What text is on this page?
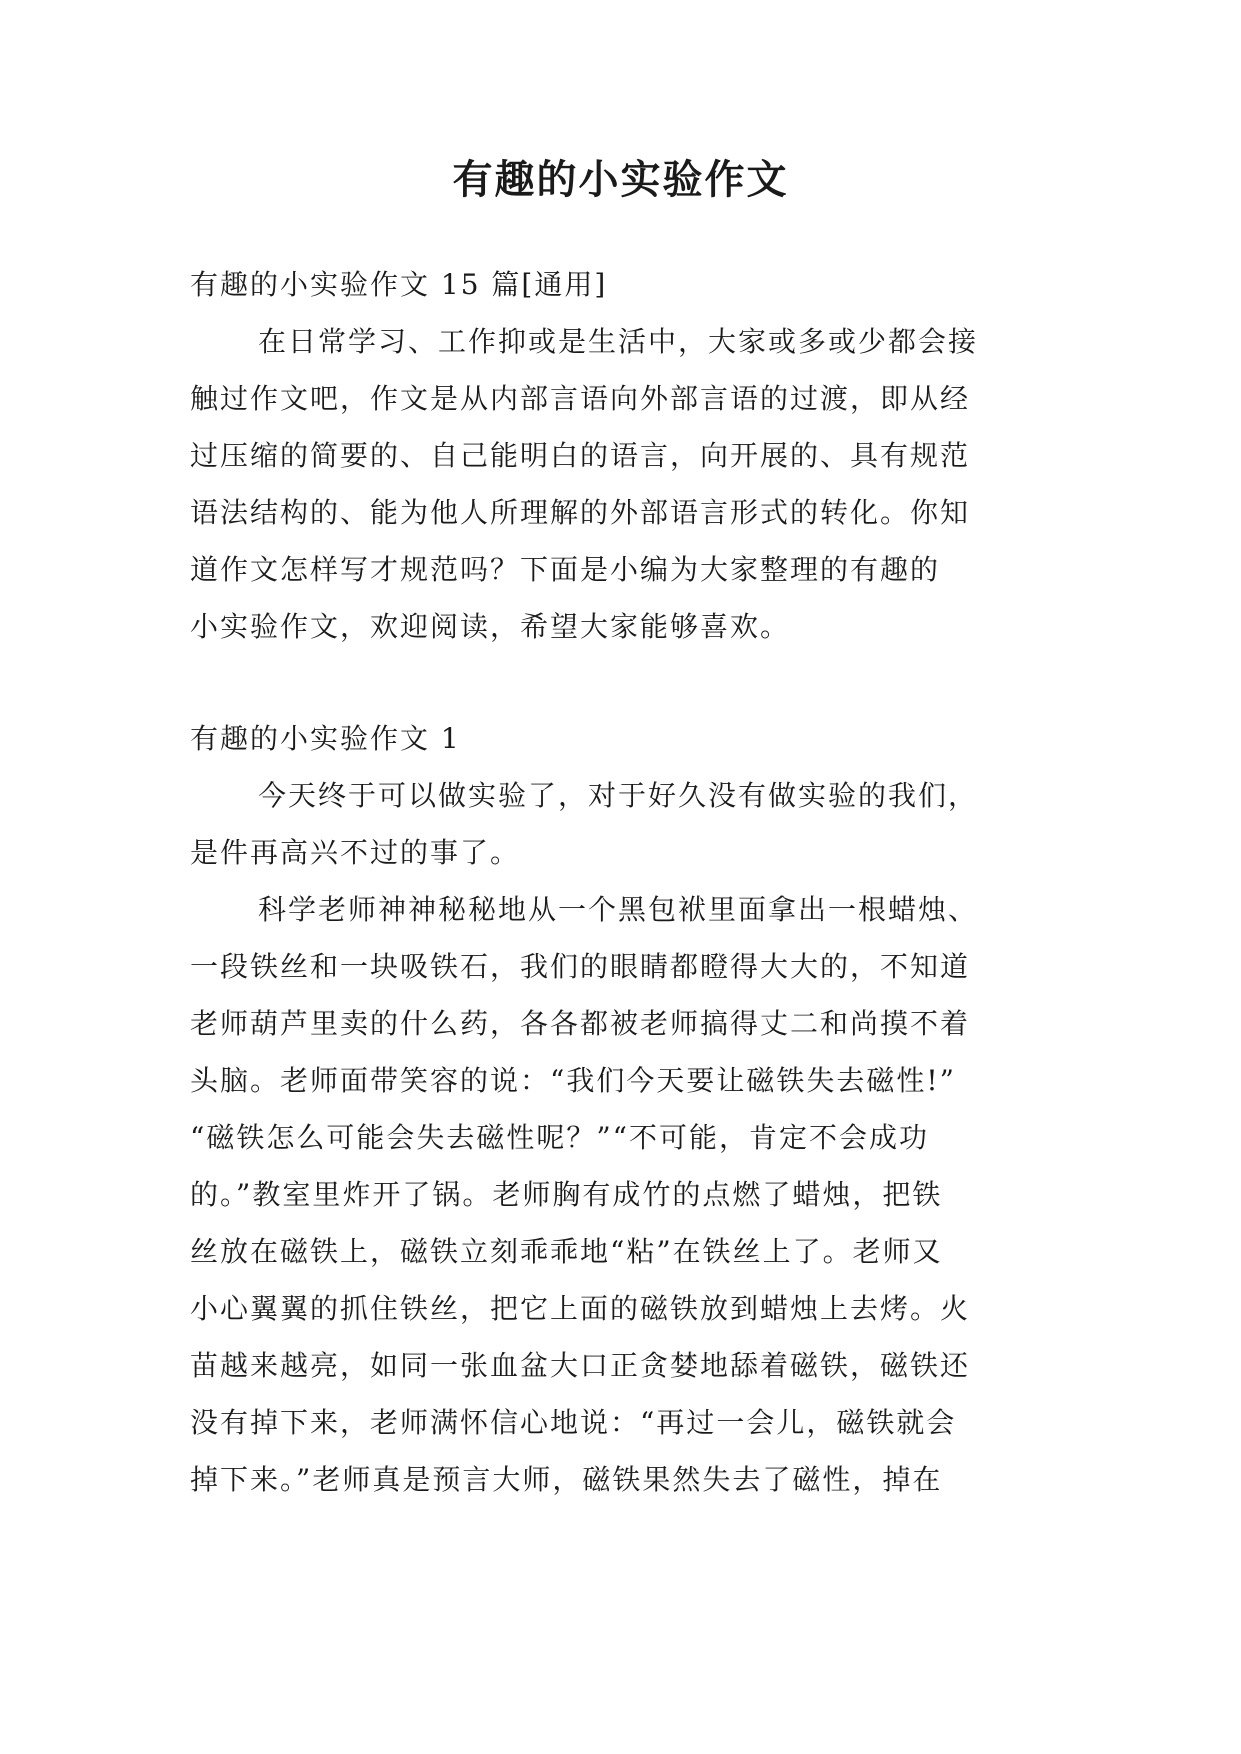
有趣的小实验作文
有趣的小实验作文 15 篇[通用]
在日常学习、工作抑或是生活中，大家或多或少都会接
触过作文吧，作文是从内部言语向外部言语的过渡，即从经
过压缩的简要的、自己能明白的语言，向开展的、具有规范
语法结构的、能为他人所理解的外部语言形式的转化。你知
道作文怎样写才规范吗？下面是小编为大家整理的有趣的
小实验作文，欢迎阅读，希望大家能够喜欢。
有趣的小实验作文 1
今天终于可以做实验了，对于好久没有做实验的我们，
是件再高兴不过的事了。
科学老师神神秘秘地从一个黑包袱里面拿出一根蜡烛、
一段铁丝和一块吸铁石，我们的眼睛都瞪得大大的，不知道
老师葫芦里卖的什么药，各各都被老师搞得丈二和尚摸不着
头脑。老师面带笑容的说：“我们今天要让磁铁失去磁性!”
“磁铁怎么可能会失去磁性呢？”“不可能，肯定不会成功
的。”教室里炸开了锅。老师胸有成竹的点燃了蜡烛，把铁
丝放在磁铁上，磁铁立刻乖乖地“粘”在铁丝上了。老师又
小心翼翼的抓住铁丝，把它上面的磁铁放到蜡烛上去烤。火
苗越来越亮，如同一张血盆大口正贪婪地舔着磁铁，磁铁还
没有掉下来，老师满怀信心地说：“再过一会儿，磁铁就会
掉下来。”老师真是预言大师，磁铁果然失去了磁性，掉在
